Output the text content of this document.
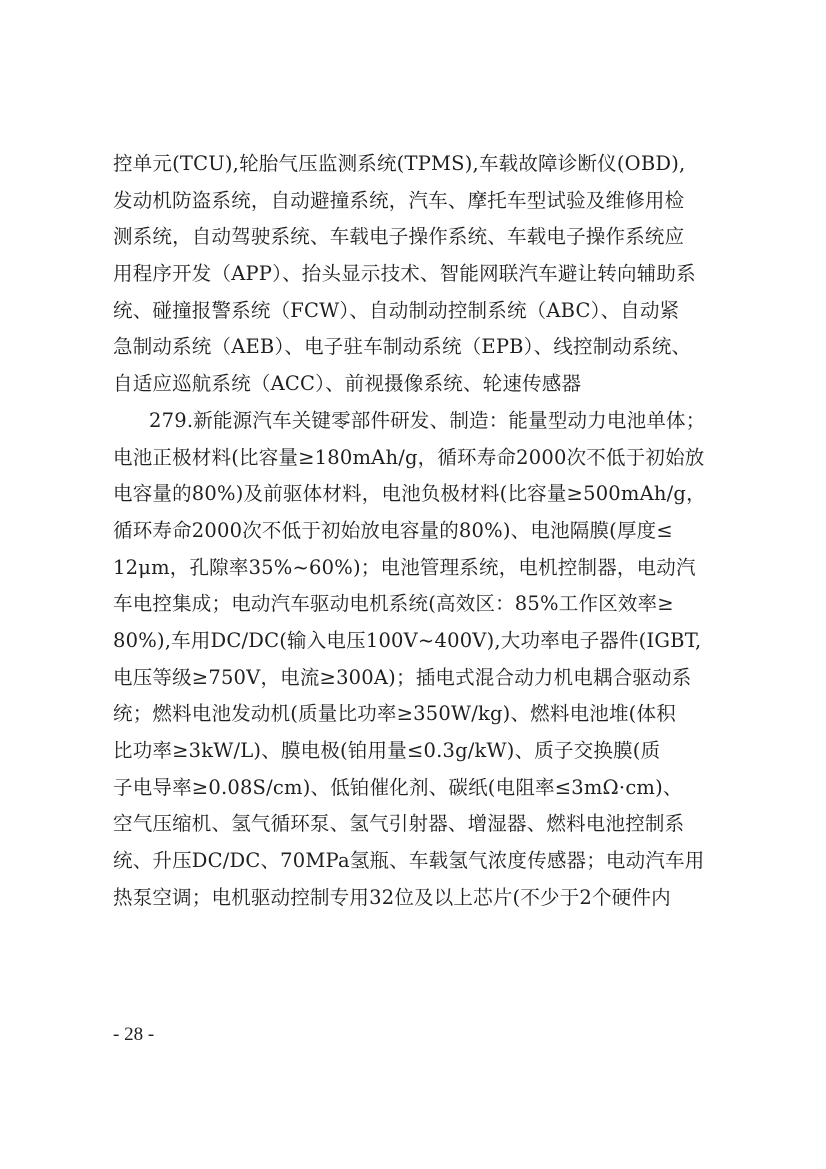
控单元(TCU),轮胎气压监测系统(TPMS),车载故障诊断仪(OBD),
发动机防盗系统，自动避撞系统，汽车、摩托车型试验及维修用检
测系统，自动驾驶系统、车载电子操作系统、车载电子操作系统应
用程序开发（APP）、抬头显示技术、智能网联汽车避让转向辅助系
统、碰撞报警系统（FCW）、自动制动控制系统（ABC）、自动紧
急制动系统（AEB）、电子驻车制动系统（EPB）、线控制动系统、
自适应巡航系统（ACC）、前视摄像系统、轮速传感器
279.新能源汽车关键零部件研发、制造：能量型动力电池单体；
电池正极材料(比容量≥180mAh/g，循环寿命2000次不低于初始放
电容量的80%)及前驱体材料，电池负极材料(比容量≥500mAh/g，
循环寿命2000次不低于初始放电容量的80%)、电池隔膜(厚度≤
12μm，孔隙率35%~60%)；电池管理系统，电机控制器，电动汽
车电控集成；电动汽车驱动电机系统(高效区：85%工作区效率≥
80%),车用DC/DC(输入电压100V~400V),大功率电子器件(IGBT,
电压等级≥750V，电流≥300A)；插电式混合动力机电耦合驱动系
统；燃料电池发动机(质量比功率≥350W/kg)、燃料电池堆(体积
比功率≥3kW/L)、膜电极(铂用量≤0.3g/kW)、质子交换膜(质
子电导率≥0.08S/cm)、低铂催化剂、碳纸(电阻率≤3mΩ·cm)、
空气压缩机、氢气循环泵、氢气引射器、增湿器、燃料电池控制系
统、升压DC/DC、70MPa氢瓶、车载氢气浓度传感器；电动汽车用
热泵空调；电机驱动控制专用32位及以上芯片(不少于2个硬件内
- 28 -
